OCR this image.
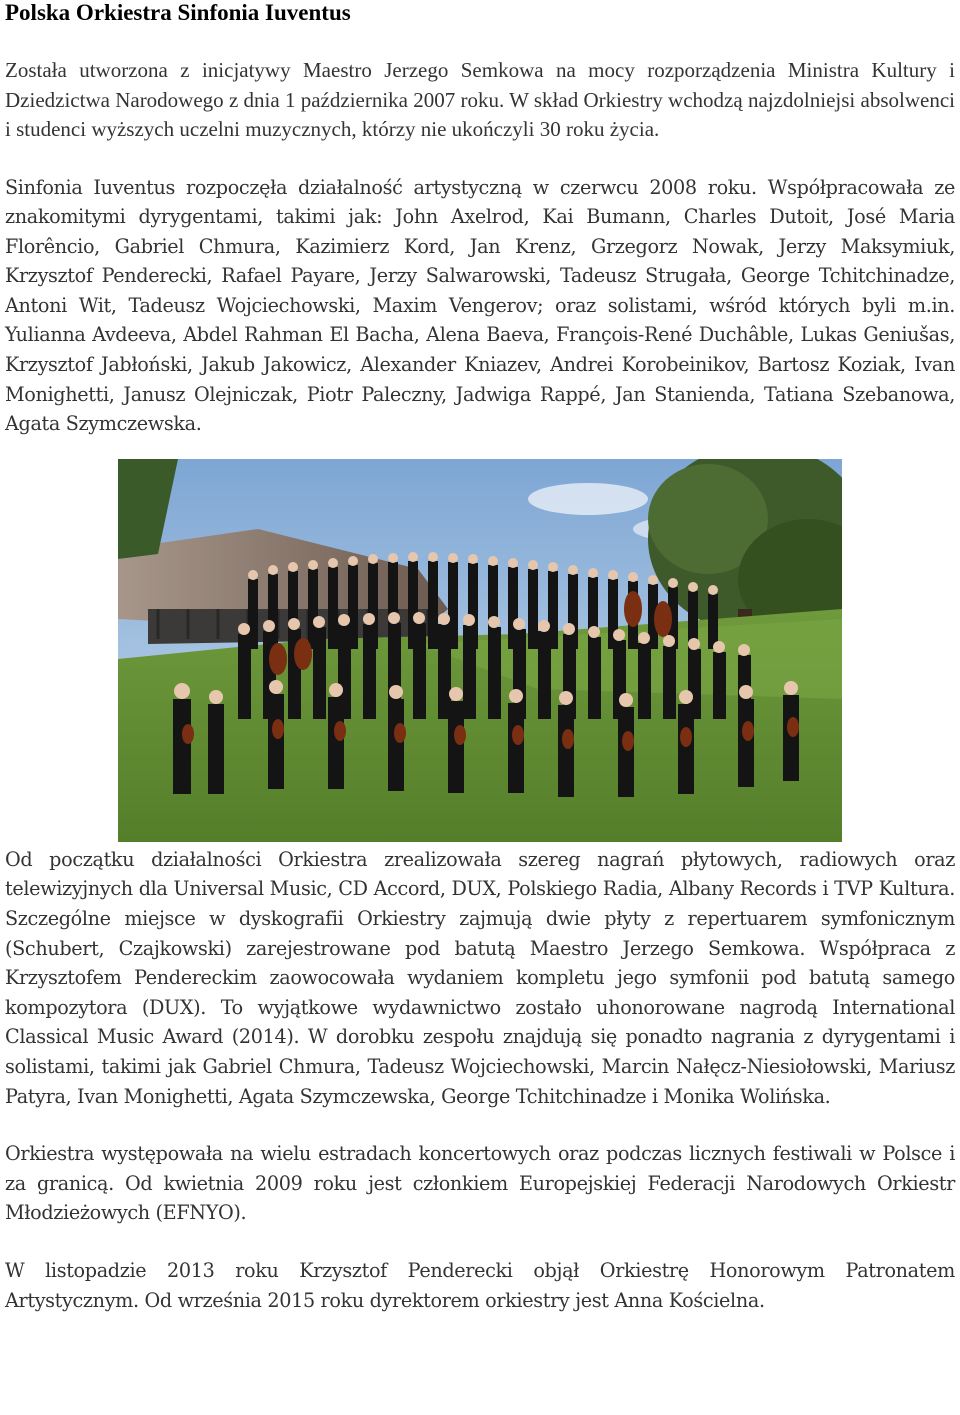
Polska Orkiestra Sinfonia Iuventus

Została utworzona z inicjatywy Maestro Jerzego Semkowa na mocy rozporządzenia Ministra Kultury i Dziedzictwa Narodowego z dnia 1 października 2007 roku. W skład Orkiestry wchodzą najzdolniejsi absolwenci i studenci wyższych uczelni muzycznych, którzy nie ukończyli 30 roku życia.

Sinfonia Iuventus rozpoczęła działalność artystyczną w czerwcu 2008 roku. Współpracowała ze znakomitymi dyrygentami, takimi jak: John Axelrod, Kai Bumann, Charles Dutoit, José Maria Florêncio, Gabriel Chmura, Kazimierz Kord, Jan Krenz, Grzegorz Nowak, Jerzy Maksymiuk, Krzysztof Penderecki, Rafael Payare, Jerzy Salwarowski, Tadeusz Strugała, George Tchitchinadze, Antoni Wit, Tadeusz Wojciechowski, Maxim Vengerov; oraz solistami, wśród których byli m.in. Yulianna Avdeeva, Abdel Rahman El Bacha, Alena Baeva, François-René Duchâble, Lukas Geniušas, Krzysztof Jabłoński, Jakub Jakowicz, Alexander Kniazev, Andrei Korobeinikov, Bartosz Koziak, Ivan Monighetti, Janusz Olejniczak, Piotr Paleczny, Jadwiga Rappé, Jan Stanienda, Tatiana Szebanowa, Agata Szymczewska.

Od początku działalności Orkiestra zrealizowała szereg nagrań płytowych, radiowych oraz telewizyjnych dla Universal Music, CD Accord, DUX, Polskiego Radia, Albany Records i TVP Kultura. Szczególne miejsce w dyskografii Orkiestry zajmują dwie płyty z repertuarem symfonicznym (Schubert, Czajkowski) zarejestrowane pod batutą Maestro Jerzego Semkowa. Współpraca z Krzysztofem Pendereckim zaowocowała wydaniem kompletu jego symfonii pod batutą samego kompozytora (DUX). To wyjątkowe wydawnictwo zostało uhonorowane nagrodą International Classical Music Award (2014). W dorobku zespołu znajdują się ponadto nagrania z dyrygentami i solistami, takimi jak Gabriel Chmura, Tadeusz Wojciechowski, Marcin Nałęcz-Niesiołowski, Mariusz Patyra, Ivan Monighetti, Agata Szymczewska, George Tchitchinadze i Monika Wolińska.

Orkiestra występowała na wielu estradach koncertowych oraz podczas licznych festiwali w Polsce i za granicą. Od kwietnia 2009 roku jest członkiem Europejskiej Federacji Narodowych Orkiestr Młodzieżowych (EFNYO).

W listopadzie 2013 roku Krzysztof Penderecki objął Orkiestrę Honorowym Patronatem Artystycznym. Od września 2015 roku dyrektorem orkiestry jest Anna Kościelna.
